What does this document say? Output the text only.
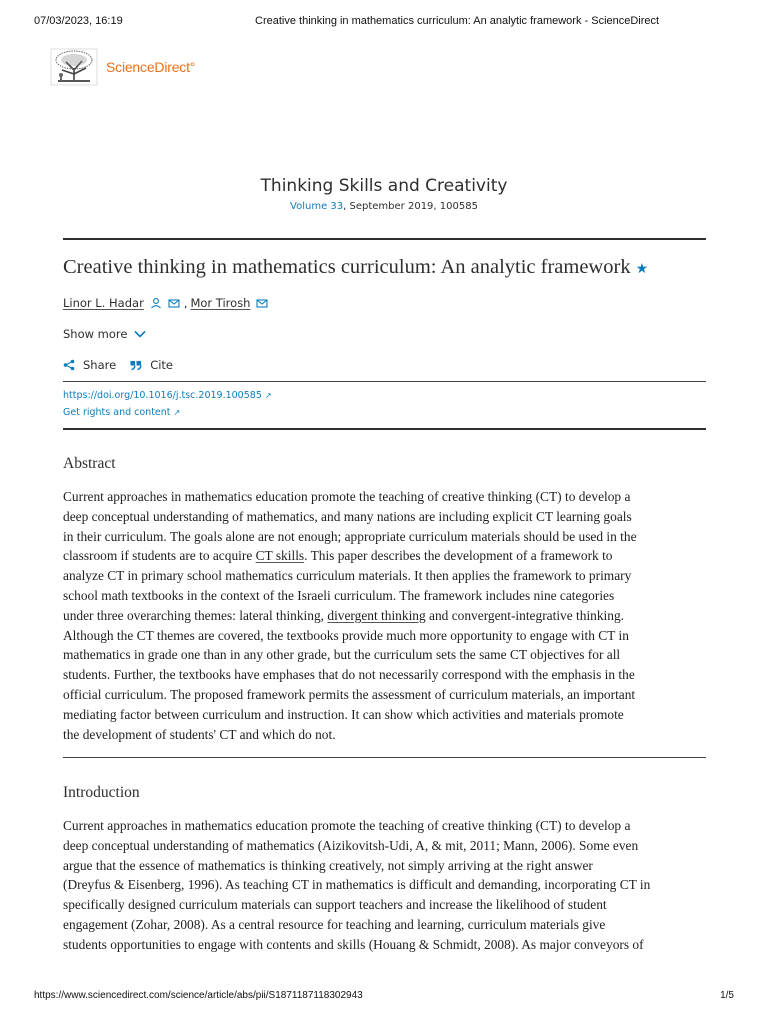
07/03/2023, 16:19	Creative thinking in mathematics curriculum: An analytic framework - ScienceDirect
ScienceDirect°
Thinking Skills and Creativity
Volume 33, September 2019, 100585
Creative thinking in mathematics curriculum: An analytic framework ★
Linor L. Hadar	, Mor Tirosh
Show more
Share	Cite
https://doi.org/10.1016/j.tsc.2019.100585 ↗
Get rights and content ↗
Abstract
Current approaches in mathematics education promote the teaching of creative thinking (CT) to develop a
deep conceptual understanding of mathematics, and many nations are including explicit CT learning goals
in their curriculum. The goals alone are not enough; appropriate curriculum materials should be used in the
classroom if students are to acquire CT skills. This paper describes the development of a framework to
analyze CT in primary school mathematics curriculum materials. It then applies the framework to primary
school math textbooks in the context of the Israeli curriculum. The framework includes nine categories
under three overarching themes: lateral thinking, divergent thinking and convergent-integrative thinking.
Although the CT themes are covered, the textbooks provide much more opportunity to engage with CT in
mathematics in grade one than in any other grade, but the curriculum sets the same CT objectives for all
students. Further, the textbooks have emphases that do not necessarily correspond with the emphasis in the
official curriculum. The proposed framework permits the assessment of curriculum materials, an important
mediating factor between curriculum and instruction. It can show which activities and materials promote
the development of students' CT and which do not.
Introduction
Current approaches in mathematics education promote the teaching of creative thinking (CT) to develop a
deep conceptual understanding of mathematics (Aizikovitsh-Udi, A, & mit, 2011; Mann, 2006). Some even
argue that the essence of mathematics is thinking creatively, not simply arriving at the right answer
(Dreyfus & Eisenberg, 1996). As teaching CT in mathematics is difficult and demanding, incorporating CT in
specifically designed curriculum materials can support teachers and increase the likelihood of student
engagement (Zohar, 2008). As a central resource for teaching and learning, curriculum materials give
students opportunities to engage with contents and skills (Houang & Schmidt, 2008). As major conveyors of
https://www.sciencedirect.com/science/article/abs/pii/S1871187118302943	1/5
